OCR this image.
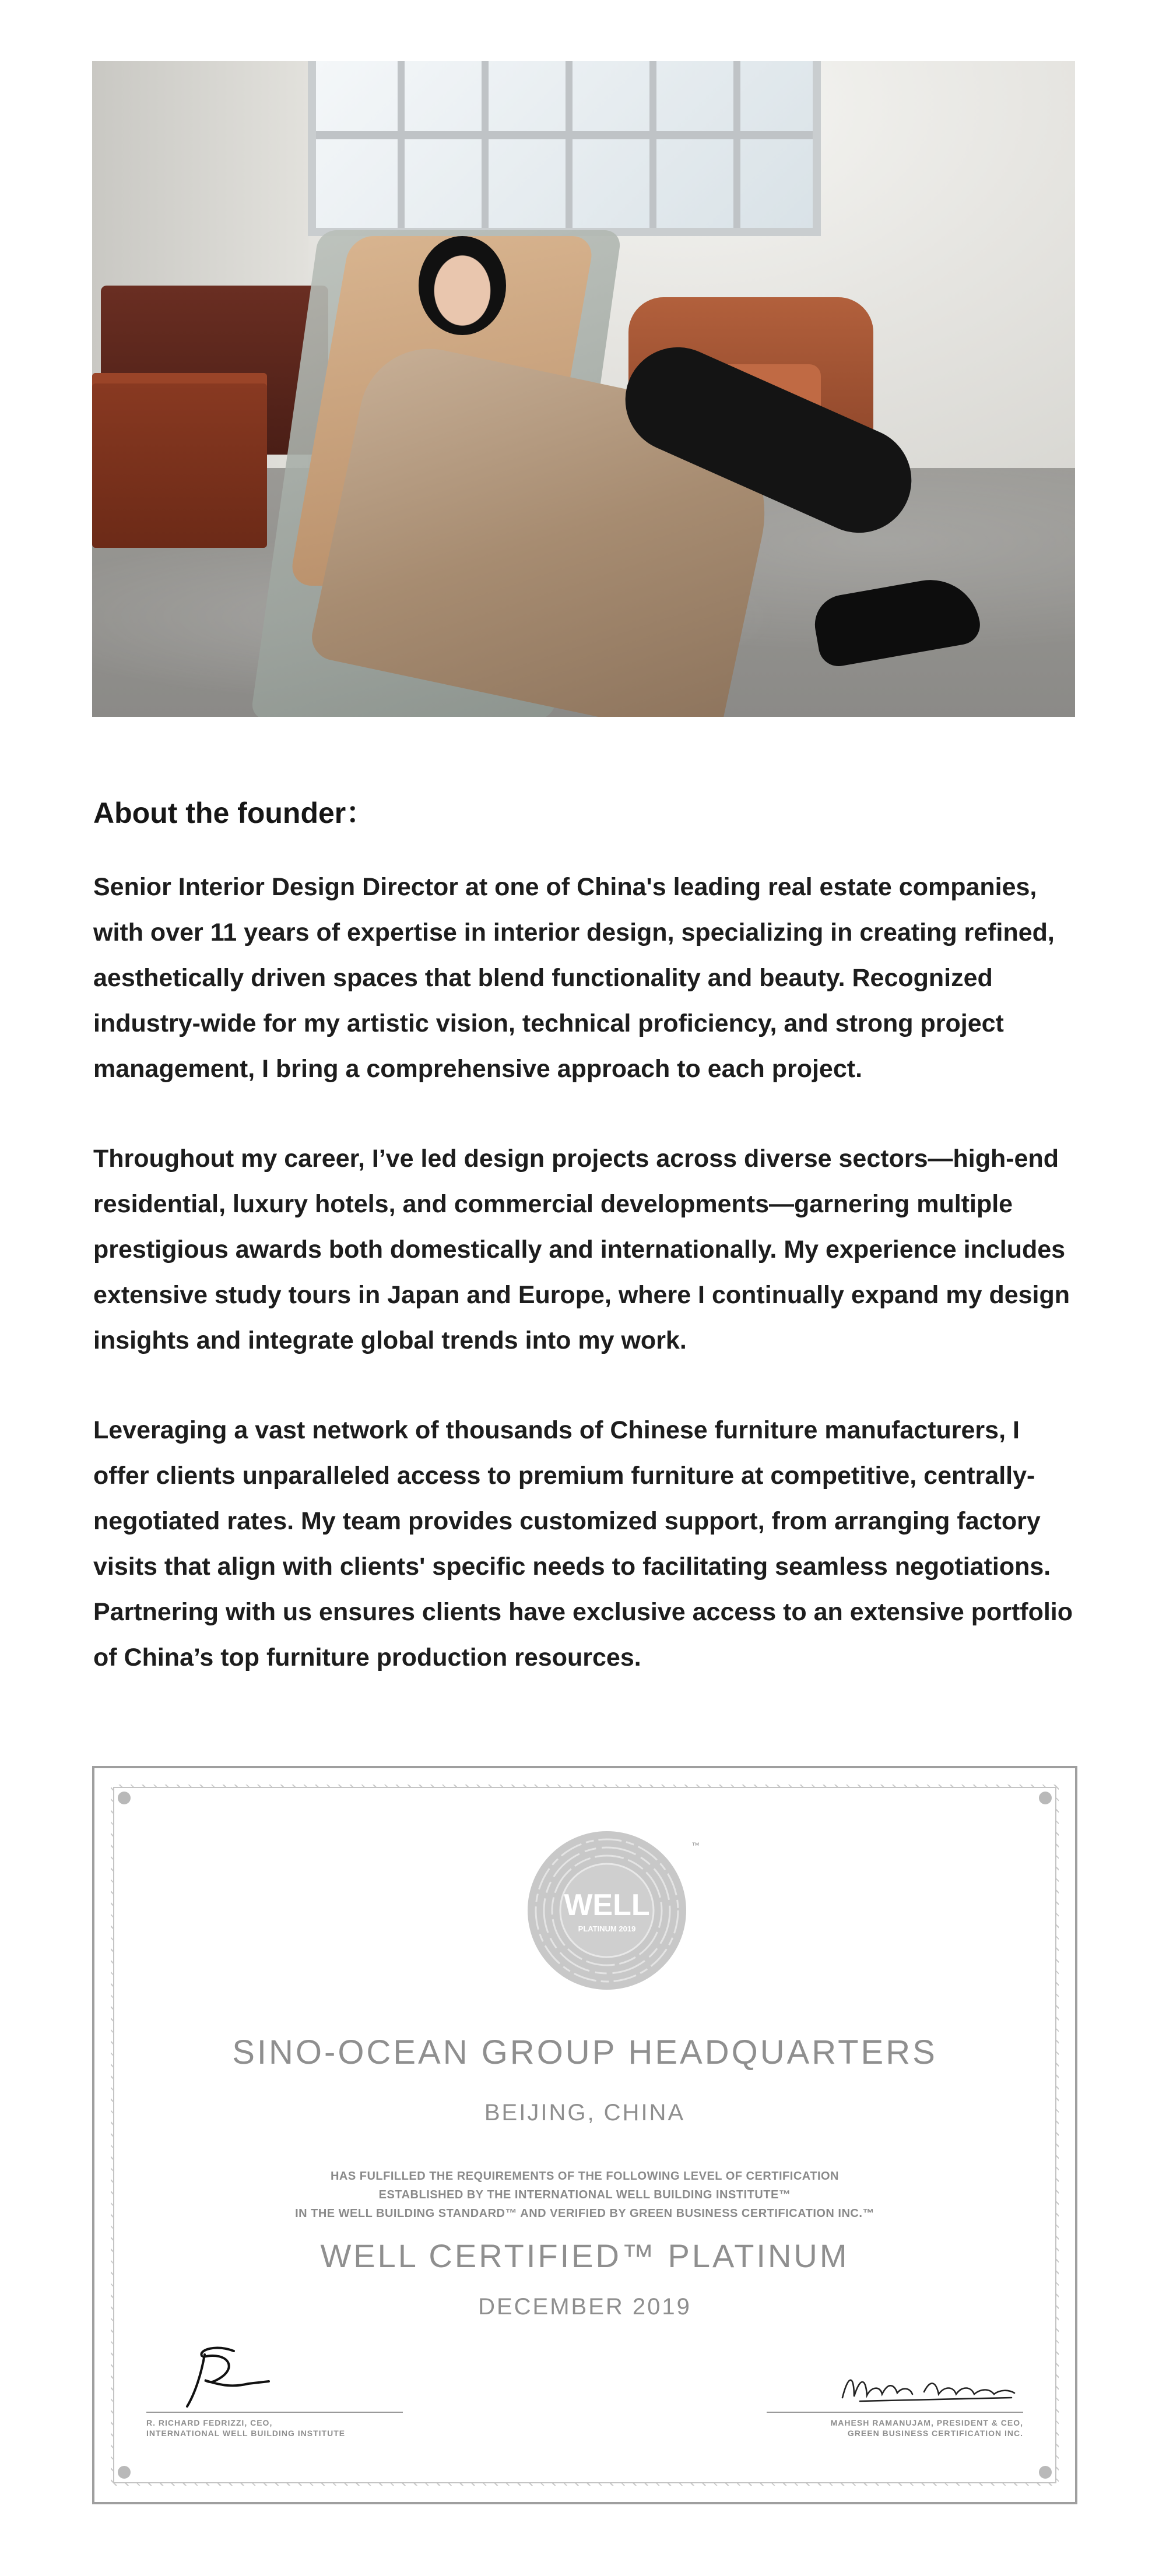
About the founder：

Senior Interior Design Director at one of China's leading real estate companies, with over 11 years of expertise in interior design, specializing in creating refined, aesthetically driven spaces that blend functionality and beauty. Recognized industry-wide for my artistic vision, technical proficiency, and strong project management, I bring a comprehensive approach to each project.

Throughout my career, I’ve led design projects across diverse sectors—high-end residential, luxury hotels, and commercial developments—garnering multiple prestigious awards both domestically and internationally. My experience includes extensive study tours in Japan and Europe, where I continually expand my design insights and integrate global trends into my work.

Leveraging a vast network of thousands of Chinese furniture manufacturers, I offer clients unparalleled access to premium furniture at competitive, centrally-negotiated rates. My team provides customized support, from arranging factory visits that align with clients' specific needs to facilitating seamless negotiations. Partnering with us ensures clients have exclusive access to an extensive portfolio of China’s top furniture production resources.

WELL
PLATINUM 2019
™

SINO-OCEAN GROUP HEADQUARTERS

BEIJING, CHINA

HAS FULFILLED THE REQUIREMENTS OF THE FOLLOWING LEVEL OF CERTIFICATION

ESTABLISHED BY THE INTERNATIONAL WELL BUILDING INSTITUTE™

IN THE WELL BUILDING STANDARD™ AND VERIFIED BY GREEN BUSINESS CERTIFICATION INC.™

WELL CERTIFIED™ PLATINUM

DECEMBER 2019

R. RICHARD FEDRIZZI, CEO,
INTERNATIONAL WELL BUILDING INSTITUTE
MAHESH RAMANUJAM, PRESIDENT & CEO,
GREEN BUSINESS CERTIFICATION INC.
